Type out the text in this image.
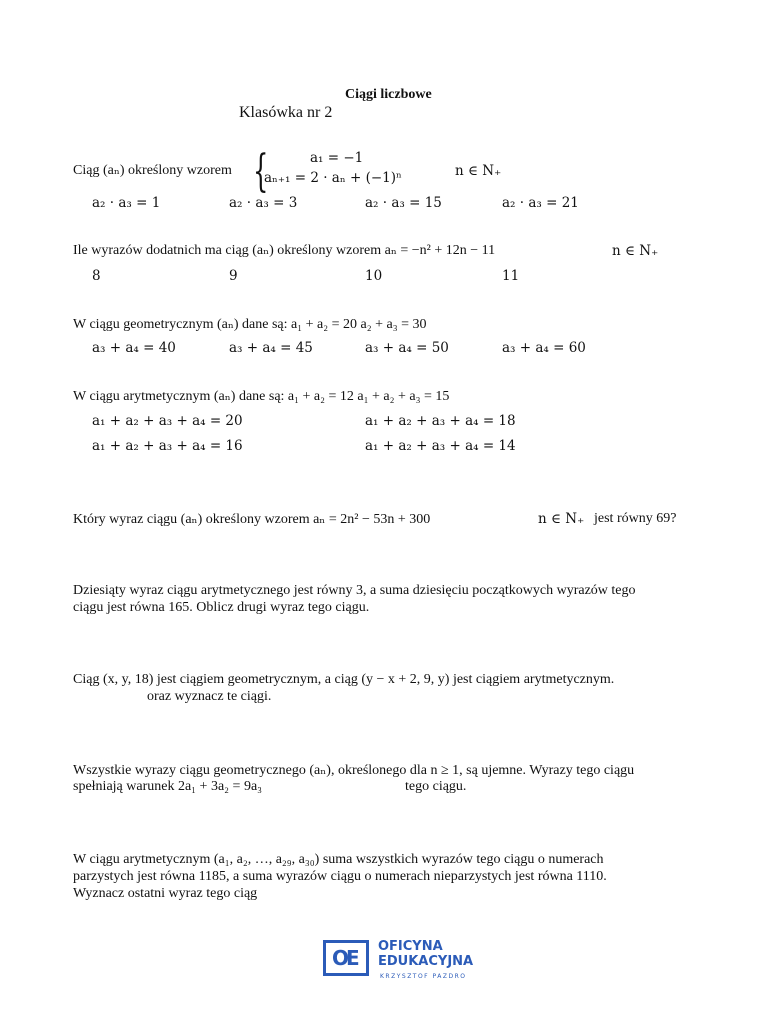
Ciągi liczbowe
Klasówka nr 2
Ciąg (aₙ) określony wzorem {	a₁ = −1
aₙ₊₁ = 2 · aₙ + (−1)ⁿ	n ∈ N₊
a₂ · a₃ = 1	a₂ · a₃ = 3	a₂ · a₃ = 15	a₂ · a₃ = 21
Ile wyrazów dodatnich ma ciąg (aₙ) określony wzorem aₙ = −n² + 12n − 11	n ∈ N₊
8	9	10	11
W ciągu geometrycznym (aₙ) dane są: a₁ + a₂ = 20 a₂ + a₃ = 30
a₃ + a₄ = 40	a₃ + a₄ = 45	a₃ + a₄ = 50	a₃ + a₄ = 60
W ciągu arytmetycznym (aₙ) dane są: a₁ + a₂ = 12 a₁ + a₂ + a₃ = 15
a₁ + a₂ + a₃ + a₄ = 20	a₁ + a₂ + a₃ + a₄ = 18
a₁ + a₂ + a₃ + a₄ = 16	a₁ + a₂ + a₃ + a₄ = 14
Który wyraz ciągu (aₙ) określony wzorem aₙ = 2n² − 53n + 300	n ∈ N₊ jest równy 69?
Dziesiąty wyraz ciągu arytmetycznego jest równy 3, a suma dziesięciu początkowych wyrazów tego
ciągu jest równa 165. Oblicz drugi wyraz tego ciągu.
Ciąg (x, y, 18) jest ciągiem geometrycznym, a ciąg (y − x + 2, 9, y) jest ciągiem arytmetycznym.
oraz wyznacz te ciągi.
Wszystkie wyrazy ciągu geometrycznego (aₙ), określonego dla n ≥ 1, są ujemne. Wyrazy tego ciągu
spełniają warunek 2a₁ + 3a₂ = 9a₃	tego ciągu.
W ciągu arytmetycznym (a₁, a₂, …, a₂₉, a₃₀) suma wszystkich wyrazów tego ciągu o numerach
parzystych jest równa 1185, a suma wyrazów ciągu o numerach nieparzystych jest równa 1110.
Wyznacz ostatni wyraz tego ciąg
OE OFICYNA
EDUKACYJNA
KRZYSZTOF PAZDRO
